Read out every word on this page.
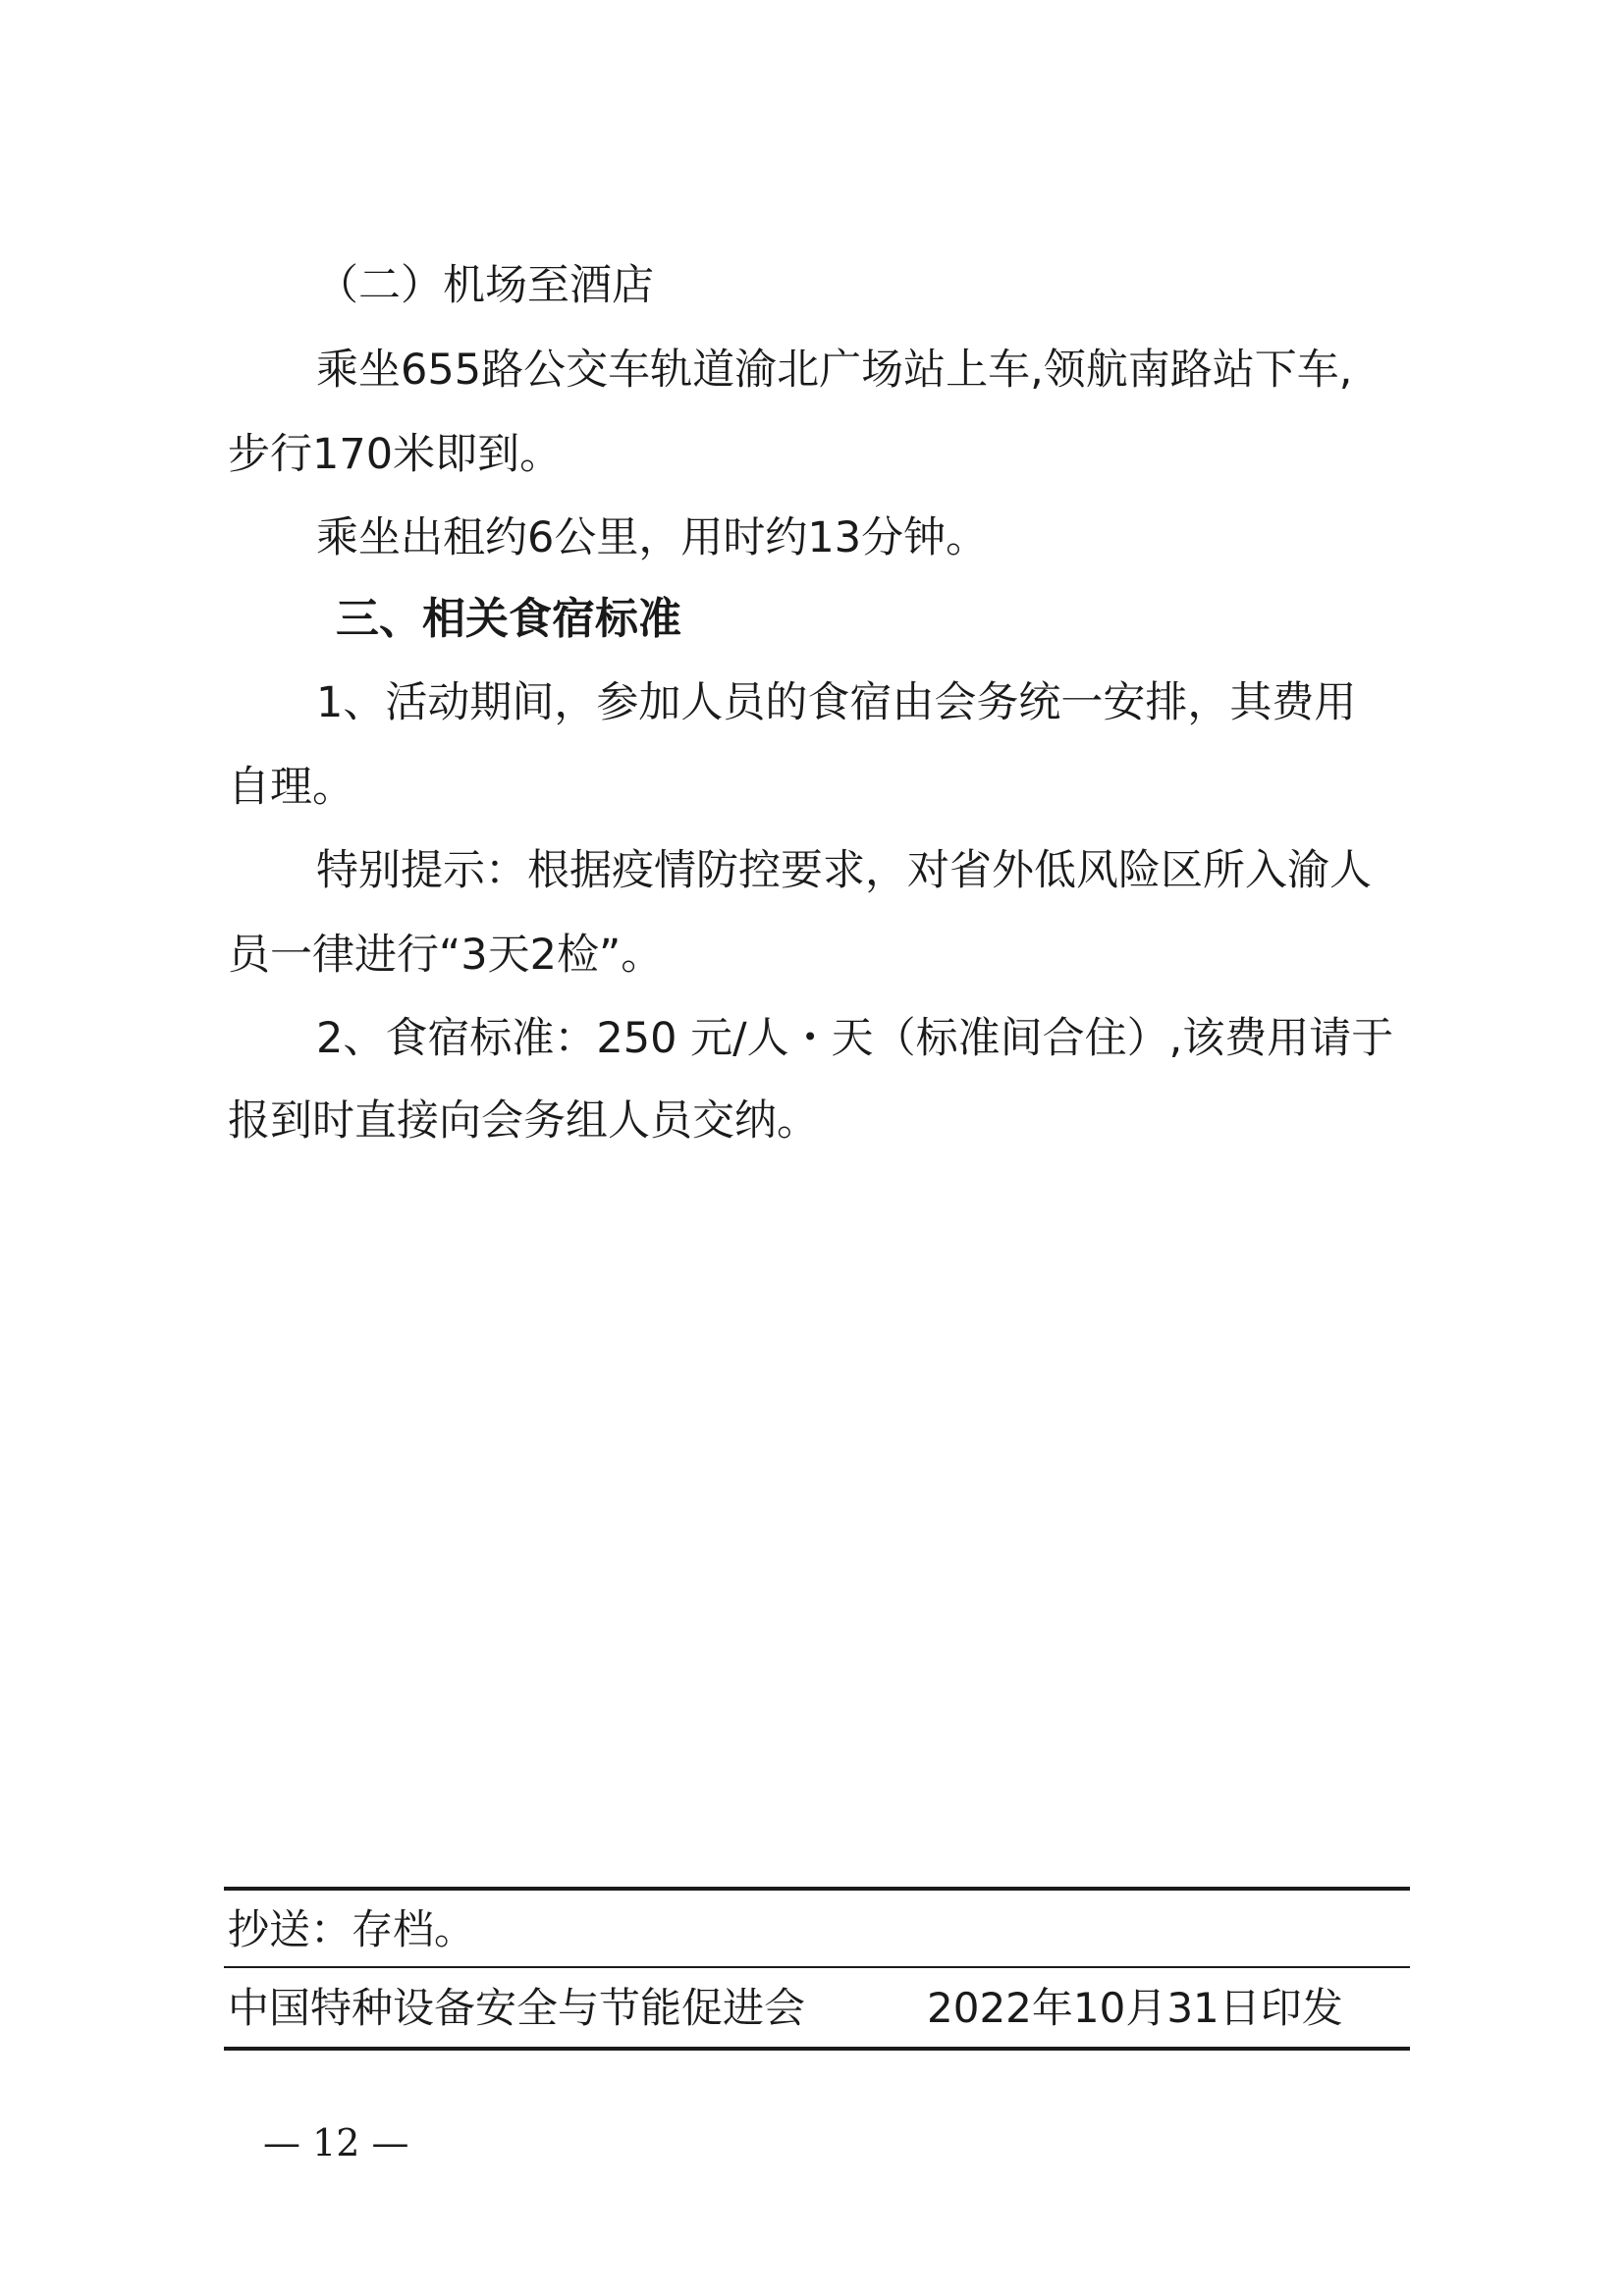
（二）机场至酒店
乘坐655路公交车轨道渝北广场站上车,领航南路站下车,
步行170米即到。
乘坐出租约6公里，用时约13分钟。
三、相关食宿标准
1、活动期间，参加人员的食宿由会务统一安排，其费用
自理。
特别提示：根据疫情防控要求，对省外低风险区所入渝人
员一律进行“3天2检”。
2、食宿标准：250 元/人・天（标准间合住）,该费用请于
报到时直接向会务组人员交纳。
抄送：存档。
中国特种设备安全与节能促进会	2022年10月31日印发
— 12 —
